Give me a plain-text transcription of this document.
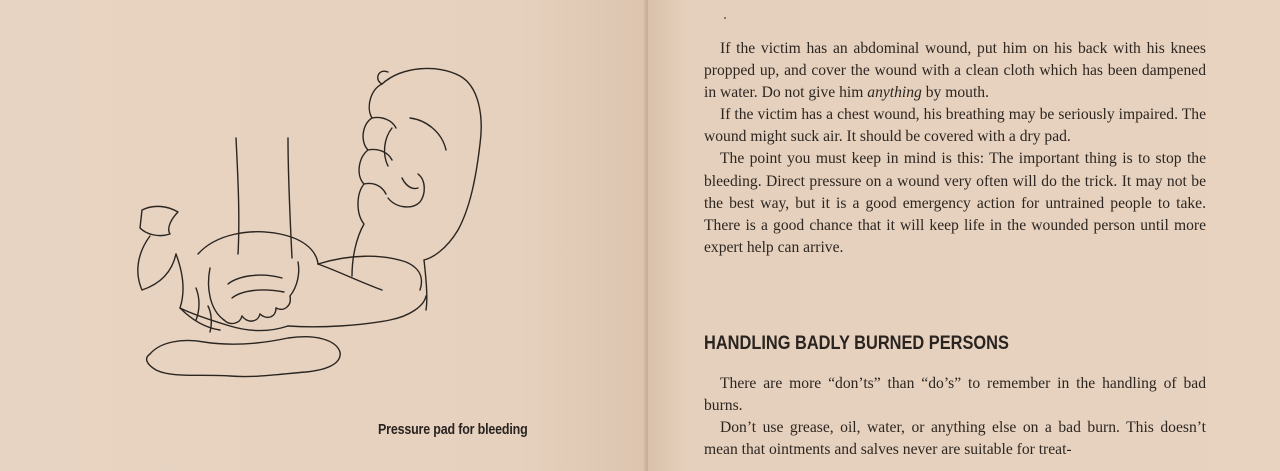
Pressure pad for bleeding

If the victim has an abdominal wound, put him on his back with his knees propped up, and cover the wound with a clean cloth which has been dampened in water. Do not give him anything by mouth.

If the victim has a chest wound, his breathing may be seriously impaired. The wound might suck air. It should be covered with a dry pad.

The point you must keep in mind is this: The important thing is to stop the bleeding. Direct pressure on a wound very often will do the trick. It may not be the best way, but it is a good emergency action for untrained people to take. There is a good chance that it will keep life in the wounded person until more expert help can arrive.

HANDLING BADLY BURNED PERSONS

There are more “don’ts” than “do’s” to remember in the handling of bad burns.

Don’t use grease, oil, water, or anything else on a bad burn. This doesn’t mean that ointments and salves never are suitable for treat-
